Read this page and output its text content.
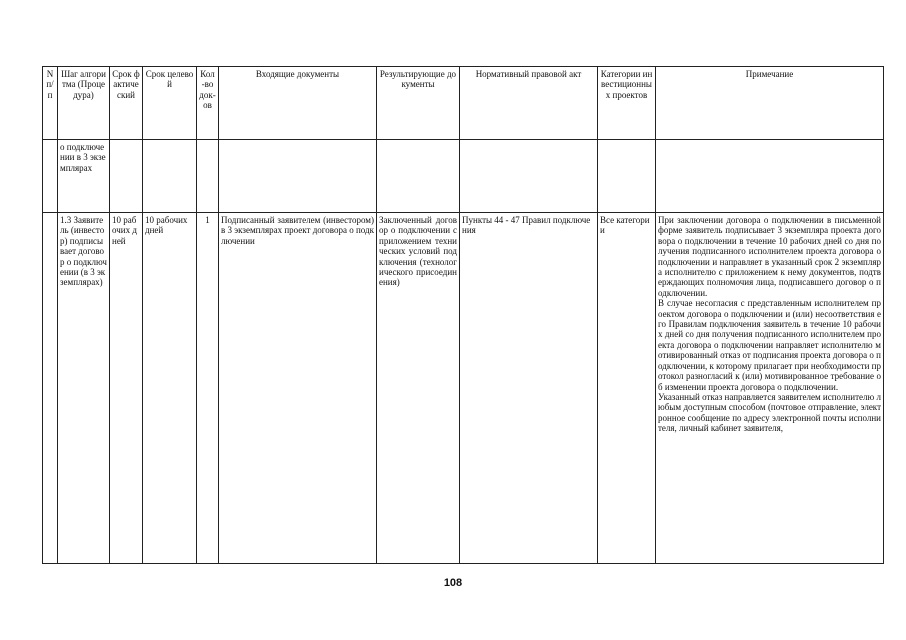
N п/п	Шаг алгоритма (Процедура)	Срок фактический	Срок целевой	Кол-во док-ов	Входящие документы	Результирующие документы	Нормативный правовой акт	Категории инвестиционных проектов	Примечание
	о подключении в 3 экземплярах								
	1.3 Заявитель (инвестор) подписывает договор о подключении (в 3 экземплярах)	10 рабочих дней	10 рабочих дней	1	Подписанный заявителем (инвестором) в 3 экземплярах проект договора о подключении	Заключенный договор о подключении с приложением технических условий подключения (технологического присоединения)	Пункты 44 - 47 Правил подключения	Все категории	При заключении договора о подключении в письменной форме заявитель подписывает 3 экземпляра проекта договора о подключении в течение 10 рабочих дней со дня получения подписанного исполнителем проекта договора о подключении и направляет в указанный срок 2 экземпляра исполнителю с приложением к нему документов, подтверждающих полномочия лица, подписавшего договор о подключении.

В случае несогласия с представленным исполнителем проектом договора о подключении и (или) несоответствия его Правилам подключения заявитель в течение 10 рабочих дней со дня получения подписанного исполнителем проекта договора о подключении направляет исполнителю мотивированный отказ от подписания проекта договора о подключении, к которому прилагает при необходимости протокол разногласий к (или) мотивированное требование об изменении проекта договора о подключении.

Указанный отказ направляется заявителем исполнителю любым доступным способом (почтовое отправление, электронное сообщение по адресу электронной почты исполнителя, личный кабинет заявителя,

108
